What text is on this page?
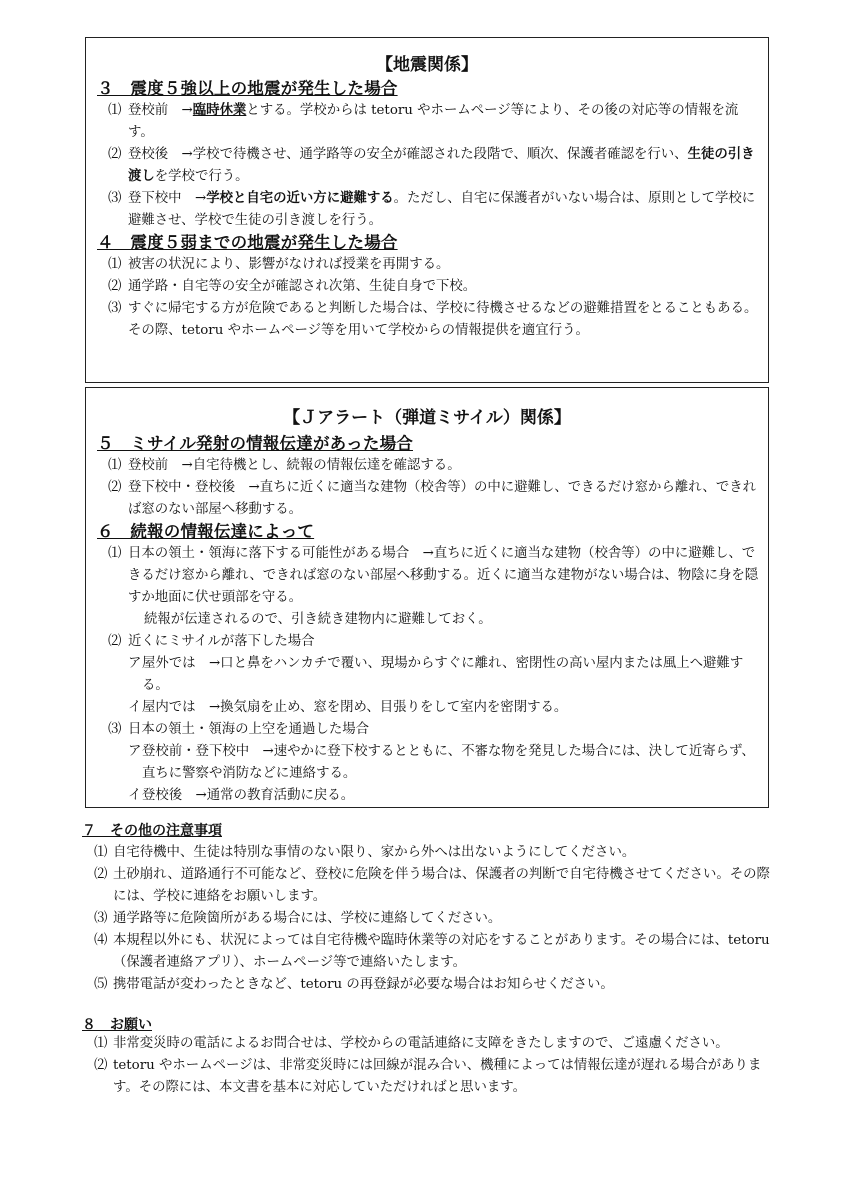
【地震関係】
３　震度５強以上の地震が発生した場合
⑴ 登校前　→臨時休業とする。学校からは tetoru やホームページ等により、その後の対応等の情報を流す。
⑵ 登校後　→学校で待機させ、通学路等の安全が確認された段階で、順次、保護者確認を行い、生徒の引き渡しを学校で行う。
⑶ 登下校中　→学校と自宅の近い方に避難する。ただし、自宅に保護者がいない場合は、原則として学校に避難させ、学校で生徒の引き渡しを行う。
４　震度５弱までの地震が発生した場合
⑴ 被害の状況により、影響がなければ授業を再開する。
⑵ 通学路・自宅等の安全が確認され次第、生徒自身で下校。
⑶ すぐに帰宅する方が危険であると判断した場合は、学校に待機させるなどの避難措置をとることもある。その際、tetoru やホームページ等を用いて学校からの情報提供を適宜行う。
【Ｊアラート（弾道ミサイル）関係】
５　ミサイル発射の情報伝達があった場合
⑴ 登校前　→自宅待機とし、続報の情報伝達を確認する。
⑵ 登下校中・登校後　→直ちに近くに適当な建物（校舎等）の中に避難し、できるだけ窓から離れ、できれば窓のない部屋へ移動する。
６　続報の情報伝達によって
⑴ 日本の領土・領海に落下する可能性がある場合　→直ちに近くに適当な建物（校舎等）の中に避難し、できるだけ窓から離れ、できれば窓のない部屋へ移動する。近くに適当な建物がない場合は、物陰に身を隠すか地面に伏せ頭部を守る。
続報が伝達されるので、引き続き建物内に避難しておく。
⑵ 近くにミサイルが落下した場合
ア 屋外では　→口と鼻をハンカチで覆い、現場からすぐに離れ、密閉性の高い屋内または風上へ避難する。
イ 屋内では　→換気扇を止め、窓を閉め、目張りをして室内を密閉する。
⑶ 日本の領土・領海の上空を通過した場合
ア 登校前・登下校中　→速やかに登下校するとともに、不審な物を発見した場合には、決して近寄らず、直ちに警察や消防などに連絡する。
イ 登校後　→通常の教育活動に戻る。
７　その他の注意事項
⑴ 自宅待機中、生徒は特別な事情のない限り、家から外へは出ないようにしてください。
⑵ 土砂崩れ、道路通行不可能など、登校に危険を伴う場合は、保護者の判断で自宅待機させてください。その際には、学校に連絡をお願いします。
⑶ 通学路等に危険箇所がある場合には、学校に連絡してください。
⑷ 本規程以外にも、状況によっては自宅待機や臨時休業等の対応をすることがあります。その場合には、tetoru（保護者連絡アプリ）、ホームページ等で連絡いたします。
⑸ 携帯電話が変わったときなど、tetoru の再登録が必要な場合はお知らせください。
８　お願い
⑴ 非常変災時の電話によるお問合せは、学校からの電話連絡に支障をきたしますので、ご遠慮ください。
⑵ tetoru やホームページは、非常変災時には回線が混み合い、機種によっては情報伝達が遅れる場合があります。その際には、本文書を基本に対応していただければと思います。
